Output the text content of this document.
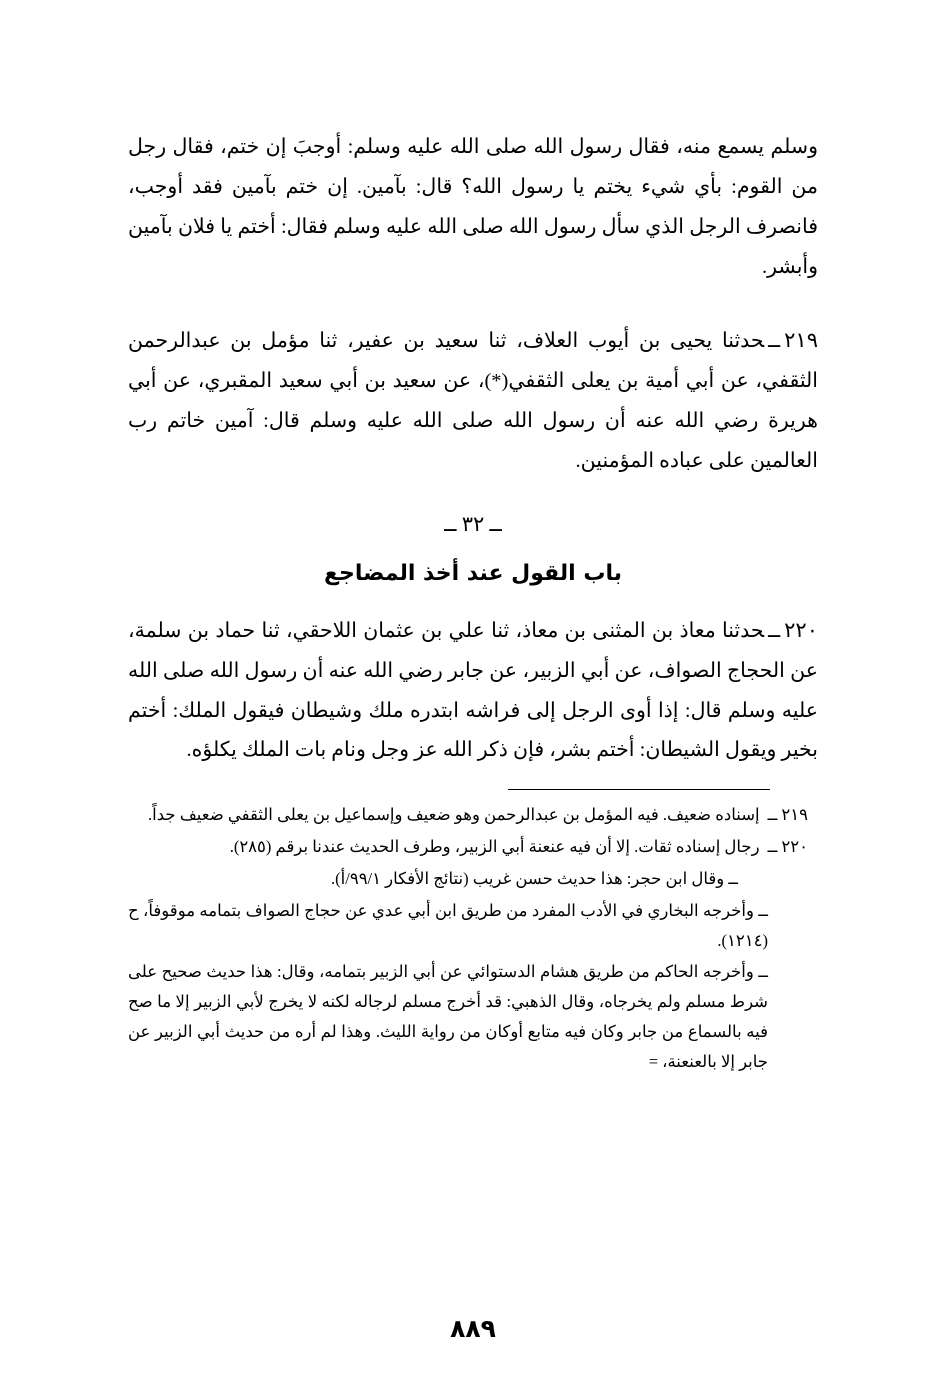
وسلم يسمع منه، فقال رسول الله صلى الله عليه وسلم: أوجبَ إن ختم، فقال رجل من القوم: بأي شيء يختم يا رسول الله؟ قال: بآمين. إن ختم بآمين فقد أوجب، فانصرف الرجل الذي سأل رسول الله صلى الله عليه وسلم فقال: أختم يا فلان بآمين وأبشر.

٢١٩ــحدثنا يحيى بن أيوب العلاف، ثنا سعيد بن عفير، ثنا مؤمل بن عبدالرحمن الثقفي، عن أبي أمية بن يعلى الثقفي(*)، عن سعيد بن أبي سعيد المقبري، عن أبي هريرة رضي الله عنه أن رسول الله صلى الله عليه وسلم قال: آمين خاتم رب العالمين على عباده المؤمنين.

ــ ٣٢ ــ
باب القول عند أخذ المضاجع

٢٢٠ــحدثنا معاذ بن المثنى بن معاذ، ثنا علي بن عثمان اللاحقي، ثنا حماد بن سلمة، عن الحجاج الصواف، عن أبي الزبير، عن جابر رضي الله عنه أن رسول الله صلى الله عليه وسلم قال: إذا أوى الرجل إلى فراشه ابتدره ملك وشيطان فيقول الملك: أختم بخير ويقول الشيطان: أختم بشر، فإن ذكر الله عز وجل ونام بات الملك يكلؤه.

٢١٩ ــ
إسناده ضعيف. فيه المؤمل بن عبدالرحمن وهو ضعيف وإسماعيل بن يعلى الثقفي ضعيف جداً.
٢٢٠ ــ
رجال إسناده ثقات. إلا أن فيه عنعنة أبي الزبير، وطرف الحديث عندنا برقم (٢٨٥).

ــ وقال ابن حجر: هذا حديث حسن غريب (نتائج الأفكار ٩٩/١/أ).

ــ وأخرجه البخاري في الأدب المفرد من طريق ابن أبي عدي عن حجاج الصواف بتمامه موقوفاً، ح (١٢١٤).

ــ وأخرجه الحاكم من طريق هشام الدستوائي عن أبي الزبير بتمامه، وقال: هذا حديث صحيح على شرط مسلم ولم يخرجاه، وقال الذهبي: قد أخرج مسلم لرجاله لكنه لا يخرج لأبي الزبير إلا ما صح فيه بالسماع من جابر وكان فيه متابع أوكان من رواية الليث. وهذا لم أره من حديث أبي الزبير عن جابر إلا بالعنعنة، =

٨٨٩
